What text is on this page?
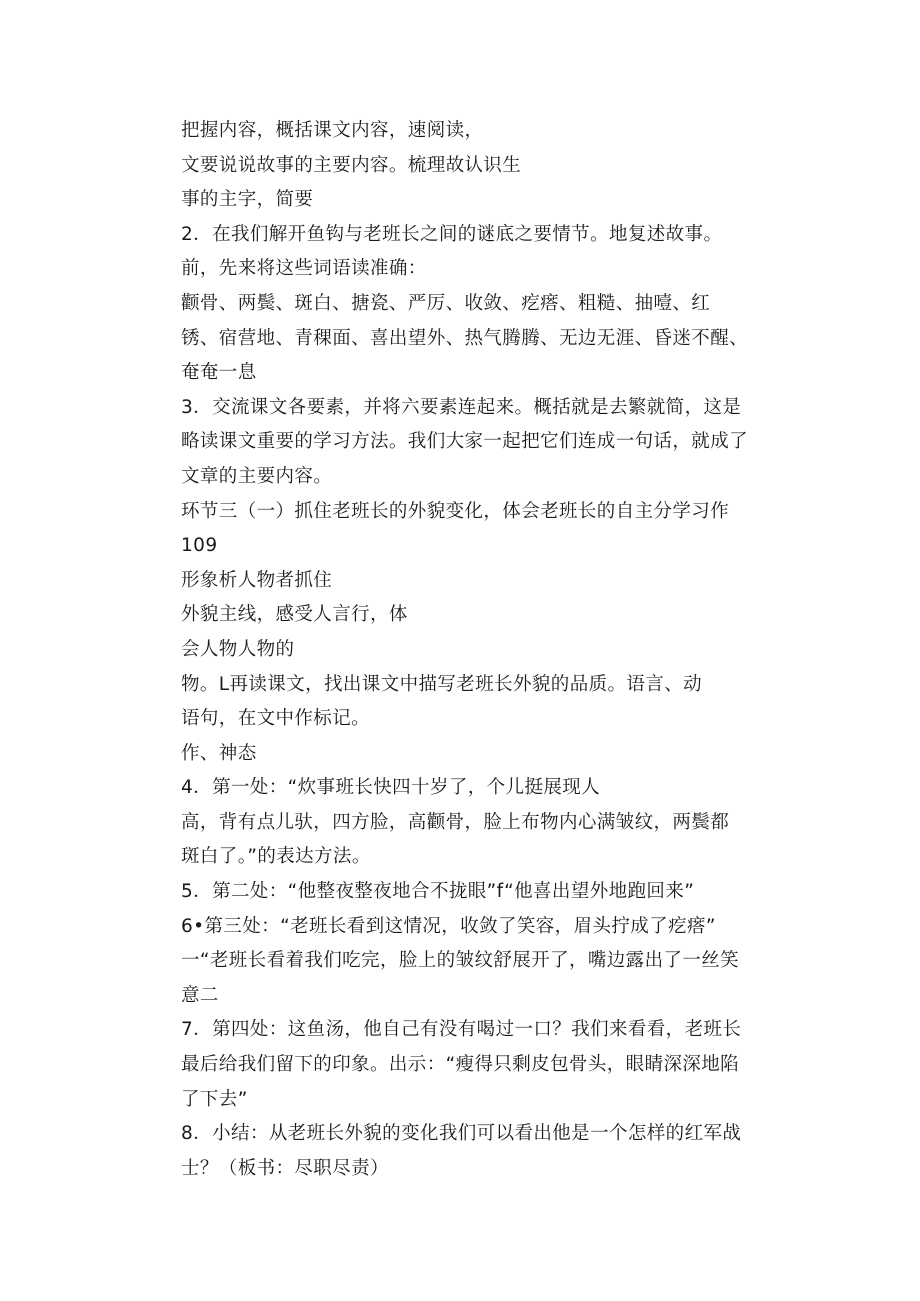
把握内容，概括课文内容，速阅读，
文要说说故事的主要内容。梳理故认识生
事的主字，简要
2．在我们解开鱼钩与老班长之间的谜底之要情节。地复述故事。
前，先来将这些词语读准确：
颧骨、两鬓、斑白、搪瓷、严厉、收敛、疙瘩、粗糙、抽噎、红
锈、宿营地、青稞面、喜出望外、热气腾腾、无边无涯、昏迷不醒、
奄奄一息
3．交流课文各要素，并将六要素连起来。概括就是去繁就简，这是
略读课文重要的学习方法。我们大家一起把它们连成一句话，就成了
文章的主要内容。
环节三（一）抓住老班长的外貌变化，体会老班长的自主分学习作
109
形象析人物者抓住
外貌主线，感受人言行，体
会人物人物的
物。L再读课文，找出课文中描写老班长外貌的品质。语言、动
语句，在文中作标记。
作、神态
4．第一处：“炊事班长快四十岁了，个儿挺展现人
高，背有点儿驮，四方脸，高颧骨，脸上布物内心满皱纹，两鬓都
斑白了。”的表达方法。
5．第二处：“他整夜整夜地合不拢眼”f“他喜出望外地跑回来”
6•第三处：“老班长看到这情况，收敛了笑容，眉头拧成了疙瘩”
一“老班长看着我们吃完，脸上的皱纹舒展开了，嘴边露出了一丝笑
意二
7．第四处：这鱼汤，他自己有没有喝过一口？我们来看看，老班长
最后给我们留下的印象。出示：“瘦得只剩皮包骨头，眼睛深深地陷
了下去”
8．小结：从老班长外貌的变化我们可以看出他是一个怎样的红军战
士？（板书：尽职尽责）
